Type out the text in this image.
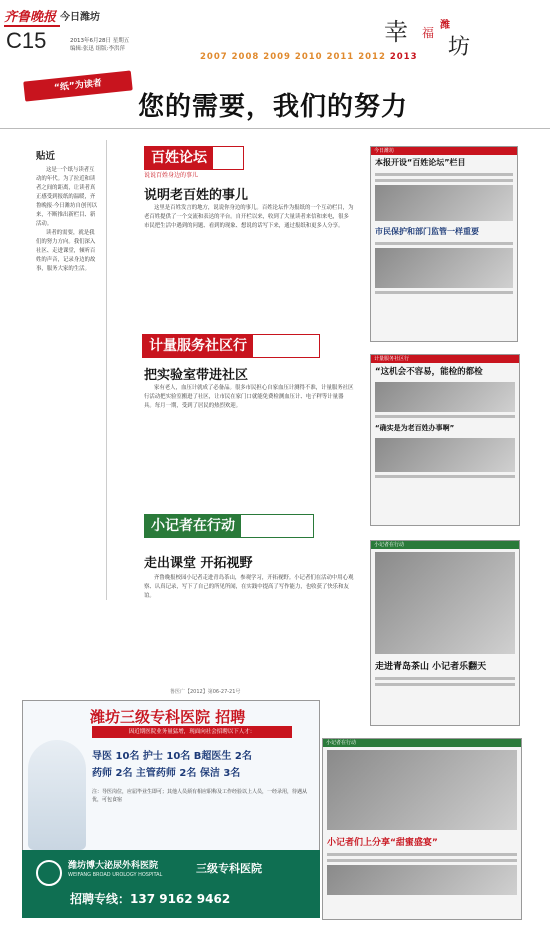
齐鲁晚报 今日潍坊
C15	2013年6月28日 星期五
编辑:张迅 组版:李洪萍
幸 福
潍
坊
2007 2008 2009 2010 2011 2012 2013
“纸”为读者
您的需要，我们的努力
贴近

这是一个纸与读者互动的年代。为了拉近和读者之间的距离，让读者真正感受到报纸的温暖，齐鲁晚报·今日潍坊自创刊以来，不断推出新栏目、新活动。

读者的需要，就是我们的努力方向。我们深入社区、走进课堂，倾听百姓的声音，记录身边的故事，服务大家的生活。

百姓论坛
说说百姓身边的事儿
说明老百姓的事儿

这里是百姓发言的地方，说说你身边的事儿。百姓论坛作为报纸的一个互动栏目，为老百姓提供了一个交流和表达的平台。自开栏以来，收到了大量读者来信和来电，很多市民把生活中遇到的问题、看到的现象、想说的话写下来，通过报纸和更多人分享。

计量服务社区行
把实验室带进社区

家有老人，血压计就成了必备品。很多市民担心自家血压计测得不准，计量服务社区行活动把实验室搬进了社区，让市民在家门口就能免费检测血压计、电子秤等计量器具。每月一期，受到了居民的热烈欢迎。

小记者在行动
走出课堂 开拓视野

齐鲁晚报校园小记者走进青岛茶山，参观学习，开拓视野。小记者们在活动中用心观察、认真记录，写下了自己的所见所闻，在实践中提高了写作能力，也收获了快乐和友谊。

今日潍坊
本报开设“百姓论坛”栏目
市民保护和部门监管一样重要
计量服务社区行
“这机会不容易，能检的都检
“确实是为老百姓办事啊”
小记者在行动
走进青岛茶山 小记者乐翻天
小记者在行动
小记者们上分享“甜蜜盛宴”
鲁医广【2012】第06-27-21号
潍坊三级专科医院 招聘
因近期医院业务量猛增，现面向社会招聘以下人才：
导医 10名 护士 10名 B超医生 2名
药师 2名 主管药师 2名 保洁 3名
注：导医岗位，应届毕业生即可；其他人员须有相应职称及工作经验以上人员，一经录用，待遇从优，可包食宿
潍坊博大泌尿外科医院
WEIFANG BROAD UROLOGY HOSPITAL	三级专科医院
招聘专线：137 9162 9462
